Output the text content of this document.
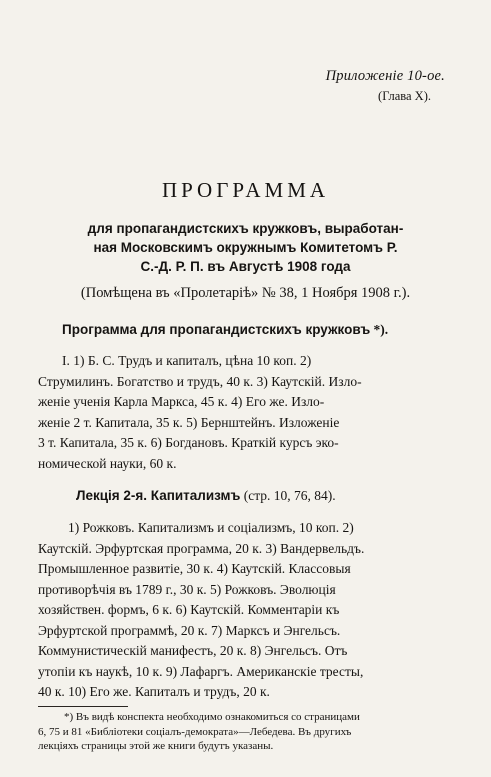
Приложеніе 10-ое.
(Глава X).
ПРОГРАММА
для пропагандистскихъ кружковъ, выработан-
ная Московскимъ окружнымъ Комитетомъ Р.
С.-Д. Р. П. въ Августѣ 1908 года
(Помѣщена въ «Пролетаріѣ» № 38, 1 Ноября 1908 г.).
Программа для пропагандистскихъ кружковъ *).
I. 1) Б. С. Трудъ и капиталъ, цѣна 10 коп. 2)
Струмилинъ. Богатство и трудъ, 40 к. 3) Каутскій. Изло-
женіе ученія Карла Маркса, 45 к. 4) Его же. Изло-
женіе 2 т. Капитала, 35 к. 5) Бернштейнъ. Изложеніе
3 т. Капитала, 35 к. 6) Богдановъ. Краткій курсъ эко-
номической науки, 60 к.
Лекція 2-я. Капитализмъ (стр. 10, 76, 84).
1) Рожковъ. Капитализмъ и соціализмъ, 10 коп. 2)
Каутскій. Эрфуртская программа, 20 к. 3) Вандервельдъ.
Промышленное развитіе, 30 к. 4) Каутскій. Классовыя
противорѣчія въ 1789 г., 30 к. 5) Рожковъ. Эволюція
хозяйствен. формъ, 6 к. 6) Каутскій. Комментаріи къ
Эрфуртской программѣ, 20 к. 7) Марксъ и Энгельсъ.
Коммунистическій манифестъ, 20 к. 8) Энгельсъ. Отъ
утопіи къ наукѣ, 10 к. 9) Лафаргъ. Американскіе тресты,
40 к. 10) Его же. Капиталъ и трудъ, 20 к.
*) Въ видѣ конспекта необходимо ознакомиться со страницами
6, 75 и 81 «Библіотеки соціалъ-демократа»—Лебедева. Въ другихъ
лекціяхъ страницы этой же книги будутъ указаны.
